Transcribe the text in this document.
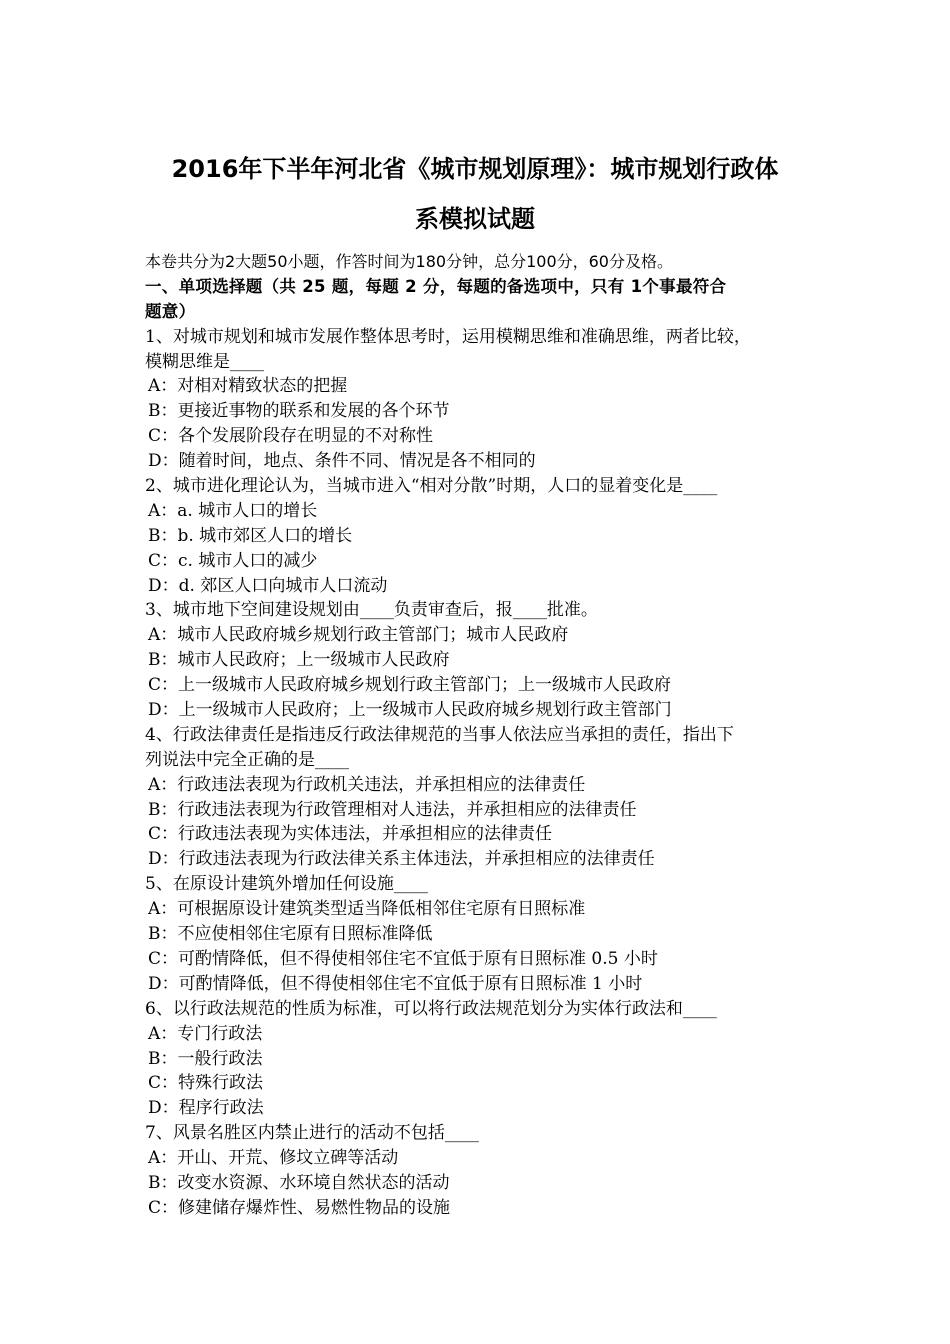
2016年下半年河北省《城市规划原理》：城市规划行政体
系模拟试题
本卷共分为2大题50小题，作答时间为180分钟，总分100分，60分及格。
一、单项选择题（共 25 题，每题 2 分，每题的备选项中，只有 1个事最符合
题意）
1、对城市规划和城市发展作整体思考时，运用模糊思维和准确思维，两者比较，
模糊思维是____
A：对相对精致状态的把握
B：更接近事物的联系和发展的各个环节
C：各个发展阶段存在明显的不对称性
D：随着时间，地点、条件不同、情况是各不相同的
2、城市进化理论认为，当城市进入“相对分散”时期，人口的显着变化是____
A：a. 城市人口的增长
B：b. 城市郊区人口的增长
C：c. 城市人口的减少
D：d. 郊区人口向城市人口流动
3、城市地下空间建设规划由____负责审查后，报____批准。
A：城市人民政府城乡规划行政主管部门；城市人民政府
B：城市人民政府；上一级城市人民政府
C：上一级城市人民政府城乡规划行政主管部门；上一级城市人民政府
D：上一级城市人民政府；上一级城市人民政府城乡规划行政主管部门
4、行政法律责任是指违反行政法律规范的当事人依法应当承担的责任，指出下
列说法中完全正确的是____
A：行政违法表现为行政机关违法，并承担相应的法律责任
B：行政违法表现为行政管理相对人违法，并承担相应的法律责任
C：行政违法表现为实体违法，并承担相应的法律责任
D：行政违法表现为行政法律关系主体违法，并承担相应的法律责任
5、在原设计建筑外增加任何设施____
A：可根据原设计建筑类型适当降低相邻住宅原有日照标准
B：不应使相邻住宅原有日照标准降低
C：可酌情降低，但不得使相邻住宅不宜低于原有日照标准 0.5 小时
D：可酌情降低，但不得使相邻住宅不宜低于原有日照标准 1 小时
6、以行政法规范的性质为标准，可以将行政法规范划分为实体行政法和____
A：专门行政法
B：一般行政法
C：特殊行政法
D：程序行政法
7、风景名胜区内禁止进行的活动不包括____
A：开山、开荒、修坟立碑等活动
B：改变水资源、水环境自然状态的活动
C：修建储存爆炸性、易燃性物品的设施
